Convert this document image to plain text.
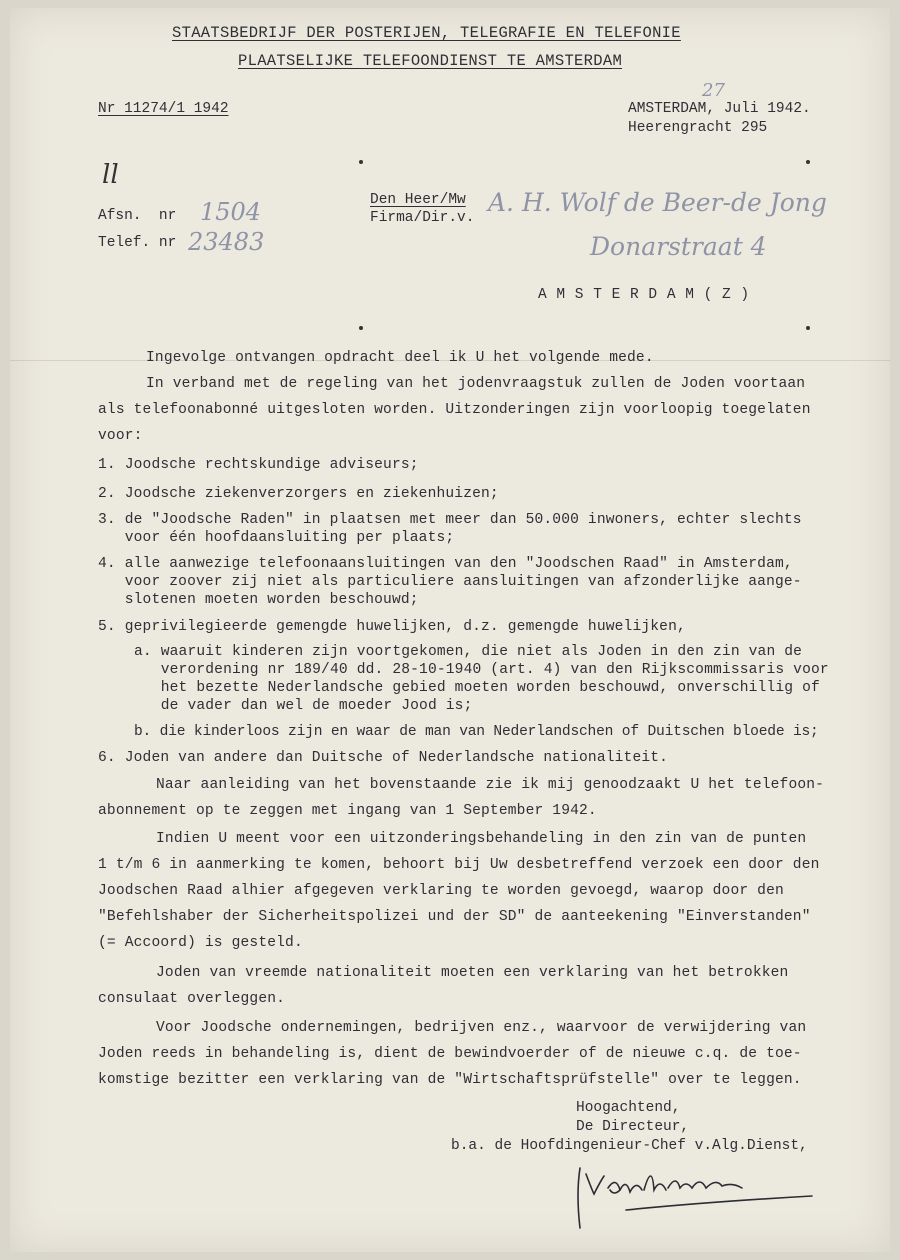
STAATSBEDRIJF DER POSTERIJEN, TELEGRAFIE EN TELEFONIE
PLAATSELIJKE TELEFOONDIENST TE AMSTERDAM
Nr 11274/1 1942	AMSTERDAM, Juli 1942.
27
Heerengracht 295
ll
Afsn.  nr 1504
Telef. nr 23483
Den Heer/Mw
Firma/Dir.v.
A. H. Wolf de Beer-de Jong
Donarstraat 4
A M S T E R D A M ( Z )
Ingevolge ontvangen opdracht deel ik U het volgende mede.
In verband met de regeling van het jodenvraagstuk zullen de Joden voortaan
als telefoonabonné uitgesloten worden. Uitzonderingen zijn voorloopig toegelaten
voor:
1. Joodsche rechtskundige adviseurs;
2. Joodsche ziekenverzorgers en ziekenhuizen;
3. de "Joodsche Raden" in plaatsen met meer dan 50.000 inwoners, echter slechts
voor één hoofdaansluiting per plaats;
4. alle aanwezige telefoonaansluitingen van den "Joodschen Raad" in Amsterdam,
voor zoover zij niet als particuliere aansluitingen van afzonderlijke aange-
slotenen moeten worden beschouwd;
5. geprivilegieerde gemengde huwelijken, d.z. gemengde huwelijken,
a. waaruit kinderen zijn voortgekomen, die niet als Joden in den zin van de
verordening nr 189/40 dd. 28-10-1940 (art. 4) van den Rijkscommissaris voor
het bezette Nederlandsche gebied moeten worden beschouwd, onverschillig of
de vader dan wel de moeder Jood is;
b. die kinderloos zijn en waar de man van Nederlandschen of Duitschen bloede is;
6. Joden van andere dan Duitsche of Nederlandsche nationaliteit.
Naar aanleiding van het bovenstaande zie ik mij genoodzaakt U het telefoon-
abonnement op te zeggen met ingang van 1 September 1942.
Indien U meent voor een uitzonderingsbehandeling in den zin van de punten
1 t/m 6 in aanmerking te komen, behoort bij Uw desbetreffend verzoek een door den
Joodschen Raad alhier afgegeven verklaring te worden gevoegd, waarop door den
"Befehlshaber der Sicherheitspolizei und der SD" de aanteekening "Einverstanden"
(= Accoord) is gesteld.
Joden van vreemde nationaliteit moeten een verklaring van het betrokken
consulaat overleggen.
Voor Joodsche ondernemingen, bedrijven enz., waarvoor de verwijdering van
Joden reeds in behandeling is, dient de bewindvoerder of de nieuwe c.q. de toe-
komstige bezitter een verklaring van de "Wirtschaftsprüfstelle" over te leggen.
Hoogachtend,
De Directeur,
b.a. de Hoofdingenieur-Chef v.Alg.Dienst,
